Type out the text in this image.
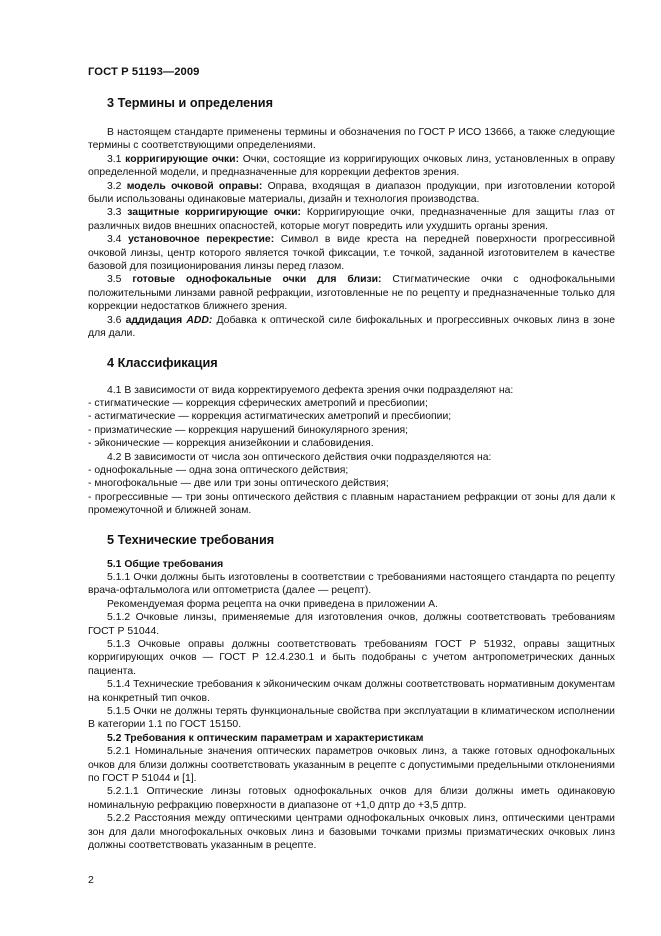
ГОСТ Р 51193—2009
3 Термины и определения

В настоящем стандарте применены термины и обозначения по ГОСТ Р ИСО 13666, а также следующие термины с соответствующими определениями.

3.1 корригирующие очки: Очки, состоящие из корригирующих очковых линз, установленных в оправу определенной модели, и предназначенные для коррекции дефектов зрения.

3.2 модель очковой оправы: Оправа, входящая в диапазон продукции, при изготовлении которой были использованы одинаковые материалы, дизайн и технология производства.

3.3 защитные корригирующие очки: Корригирующие очки, предназначенные для защиты глаз от различных видов внешних опасностей, которые могут повредить или ухудшить органы зрения.

3.4 установочное перекрестие: Символ в виде креста на передней поверхности прогрессивной очковой линзы, центр которого является точкой фиксации, т.е точкой, заданной изготовителем в качестве базовой для позиционирования линзы перед глазом.

3.5 готовые однофокальные очки для близи: Стигматические очки с однофокальными положительными линзами равной рефракции, изготовленные не по рецепту и предназначенные только для коррекции недостатков ближнего зрения.

3.6 аддидация ADD: Добавка к оптической силе бифокальных и прогрессивных очковых линз в зоне для дали.

4 Классификация

4.1 В зависимости от вида корректируемого дефекта зрения очки подразделяют на:

- стигматические — коррекция сферических аметропий и пресбиопии;

- астигматические — коррекция астигматических аметропий и пресбиопии;

- призматические — коррекция нарушений бинокулярного зрения;

- эйконические — коррекция анизейконии и слабовидения.

4.2 В зависимости от числа зон оптического действия очки подразделяются на:

- однофокальные — одна зона оптического действия;

- многофокальные — две или три зоны оптического действия;

- прогрессивные — три зоны оптического действия с плавным нарастанием рефракции от зоны для дали к промежуточной и ближней зонам.

5 Технические требования

5.1 Общие требования

5.1.1 Очки должны быть изготовлены в соответствии с требованиями настоящего стандарта по рецепту врача-офтальмолога или оптометриста (далее — рецепт).

Рекомендуемая форма рецепта на очки приведена в приложении А.

5.1.2 Очковые линзы, применяемые для изготовления очков, должны соответствовать требованиям ГОСТ Р 51044.

5.1.3 Очковые оправы должны соответствовать требованиям ГОСТ Р 51932, оправы защитных корригирующих очков — ГОСТ Р 12.4.230.1 и быть подобраны с учетом антропометрических данных пациента.

5.1.4 Технические требования к эйконическим очкам должны соответствовать нормативным документам на конкретный тип очков.

5.1.5 Очки не должны терять функциональные свойства при эксплуатации в климатическом исполнении В категории 1.1 по ГОСТ 15150.

5.2 Требования к оптическим параметрам и характеристикам

5.2.1 Номинальные значения оптических параметров очковых линз, а также готовых однофокальных очков для близи должны соответствовать указанным в рецепте с допустимыми предельными отклонениями по ГОСТ Р 51044 и [1].

5.2.1.1 Оптические линзы готовых однофокальных очков для близи должны иметь одинаковую номинальную рефракцию поверхности в диапазоне от +1,0 дптр до +3,5 дптр.

5.2.2 Расстояния между оптическими центрами однофокальных очковых линз, оптическими центрами зон для дали многофокальных очковых линз и базовыми точками призмы призматических очковых линз должны соответствовать указанным в рецепте.

2
